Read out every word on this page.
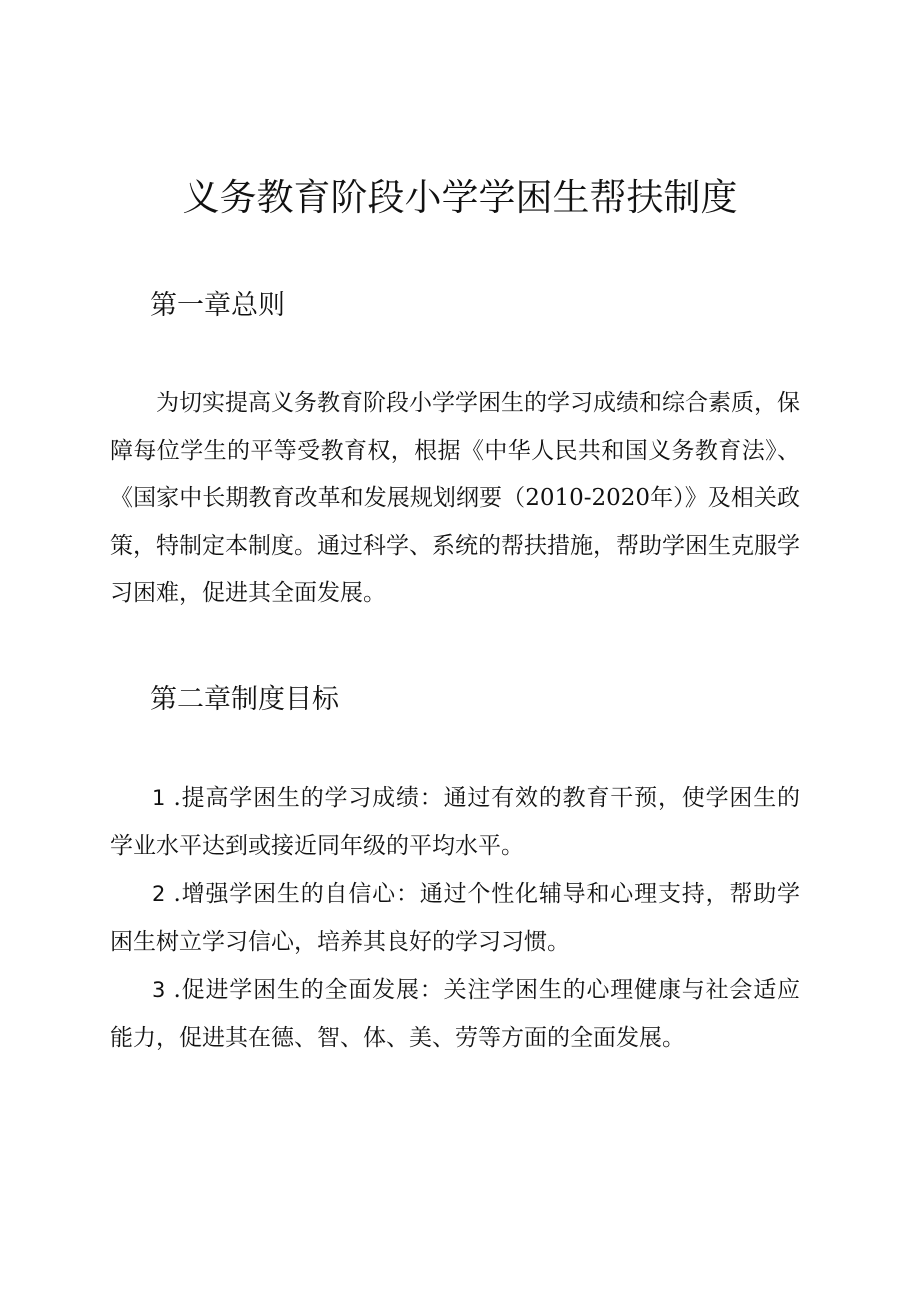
义务教育阶段小学学困生帮扶制度
第一章总则

为切实提高义务教育阶段小学学困生的学习成绩和综合素质，保障每位学生的平等受教育权，根据《中华人民共和国义务教育法》、《国家中长期教育改革和发展规划纲要（2010-2020年）》及相关政策，特制定本制度。通过科学、系统的帮扶措施，帮助学困生克服学习困难，促进其全面发展。

第二章制度目标

1 .提高学困生的学习成绩：通过有效的教育干预，使学困生的学业水平达到或接近同年级的平均水平。

2 .增强学困生的自信心：通过个性化辅导和心理支持，帮助学困生树立学习信心，培养其良好的学习习惯。

3 .促进学困生的全面发展：关注学困生的心理健康与社会适应能力，促进其在德、智、体、美、劳等方面的全面发展。
